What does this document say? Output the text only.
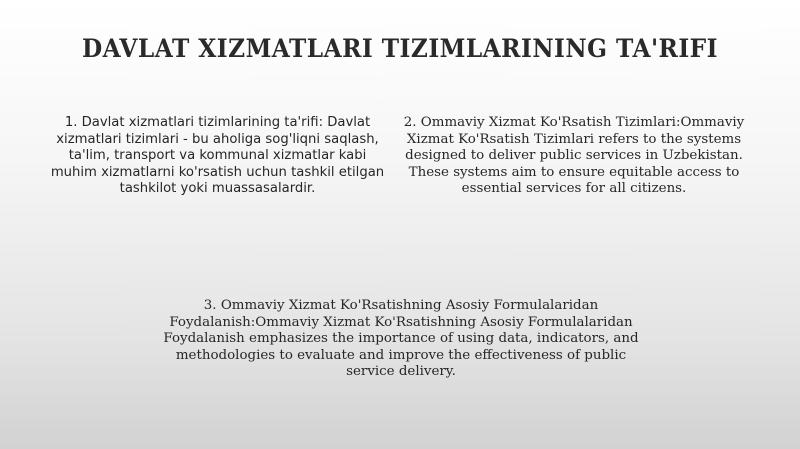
DAVLAT XIZMATLARI TIZIMLARINING TA'RIFI
1. Davlat xizmatlari tizimlarining ta'rifi: Davlat xizmatlari tizimlari - bu aholiga sog'liqni saqlash, ta'lim, transport va kommunal xizmatlar kabi muhim xizmatlarni ko'rsatish uchun tashkil etilgan tashkilot yoki muassasalardir.
2. Ommaviy Xizmat Ko'Rsatish Tizimlari:Ommaviy Xizmat Ko'Rsatish Tizimlari refers to the systems designed to deliver public services in Uzbekistan. These systems aim to ensure equitable access to essential services for all citizens.
3. Ommaviy Xizmat Ko'Rsatishning Asosiy Formulalaridan Foydalanish:Ommaviy Xizmat Ko'Rsatishning Asosiy Formulalaridan Foydalanish emphasizes the importance of using data, indicators, and methodologies to evaluate and improve the effectiveness of public service delivery.
